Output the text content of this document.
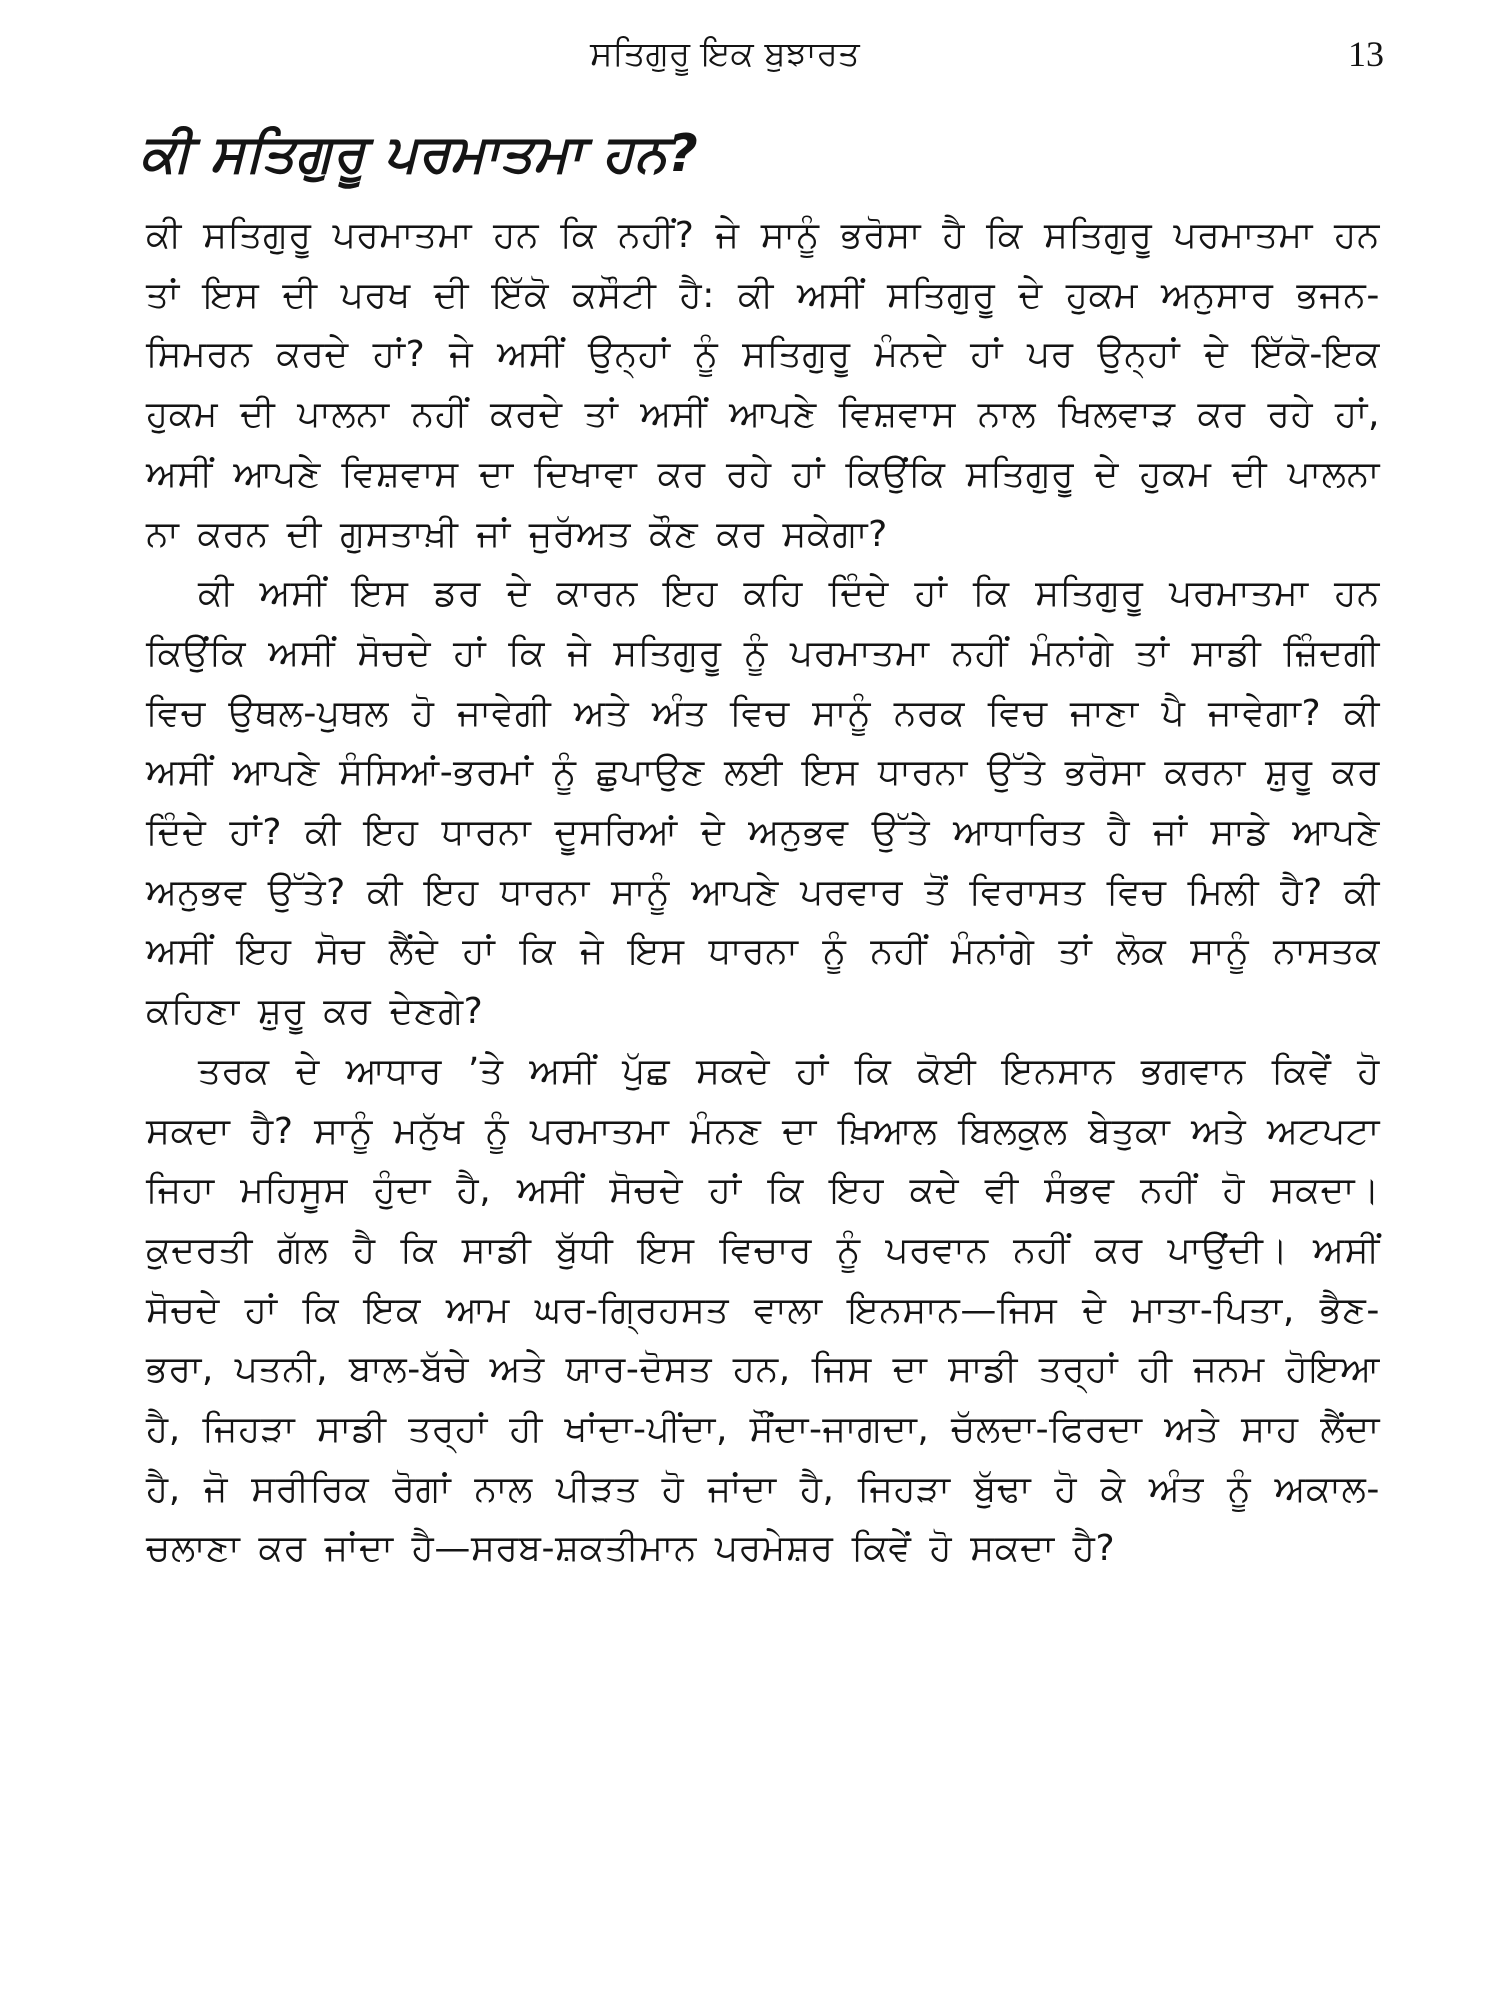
ਸਤਿਗੁਰੂ ਇਕ ਬੁਝਾਰਤ	13
ਕੀ ਸਤਿਗੁਰੂ ਪਰਮਾਤਮਾ ਹਨ?

ਕੀ ਸਤਿਗੁਰੂ ਪਰਮਾਤਮਾ ਹਨ ਕਿ ਨਹੀਂ? ਜੇ ਸਾਨੂੰ ਭਰੋਸਾ ਹੈ ਕਿ ਸਤਿਗੁਰੂ ਪਰਮਾਤਮਾ ਹਨ ਤਾਂ ਇਸ ਦੀ ਪਰਖ ਦੀ ਇੱਕੋ ਕਸੌਟੀ ਹੈ: ਕੀ ਅਸੀਂ ਸਤਿਗੁਰੂ ਦੇ ਹੁਕਮ ਅਨੁਸਾਰ ਭਜਨ-ਸਿਮਰਨ ਕਰਦੇ ਹਾਂ? ਜੇ ਅਸੀਂ ਉਨ੍ਹਾਂ ਨੂੰ ਸਤਿਗੁਰੂ ਮੰਨਦੇ ਹਾਂ ਪਰ ਉਨ੍ਹਾਂ ਦੇ ਇੱਕੋ-ਇਕ ਹੁਕਮ ਦੀ ਪਾਲਨਾ ਨਹੀਂ ਕਰਦੇ ਤਾਂ ਅਸੀਂ ਆਪਣੇ ਵਿਸ਼ਵਾਸ ਨਾਲ ਖਿਲਵਾੜ ਕਰ ਰਹੇ ਹਾਂ, ਅਸੀਂ ਆਪਣੇ ਵਿਸ਼ਵਾਸ ਦਾ ਦਿਖਾਵਾ ਕਰ ਰਹੇ ਹਾਂ ਕਿਉਂਕਿ ਸਤਿਗੁਰੂ ਦੇ ਹੁਕਮ ਦੀ ਪਾਲਨਾ ਨਾ ਕਰਨ ਦੀ ਗੁਸਤਾਖ਼ੀ ਜਾਂ ਜੁਰੱਅਤ ਕੌਣ ਕਰ ਸਕੇਗਾ?

ਕੀ ਅਸੀਂ ਇਸ ਡਰ ਦੇ ਕਾਰਨ ਇਹ ਕਹਿ ਦਿੰਦੇ ਹਾਂ ਕਿ ਸਤਿਗੁਰੂ ਪਰਮਾਤਮਾ ਹਨ ਕਿਉਂਕਿ ਅਸੀਂ ਸੋਚਦੇ ਹਾਂ ਕਿ ਜੇ ਸਤਿਗੁਰੂ ਨੂੰ ਪਰਮਾਤਮਾ ਨਹੀਂ ਮੰਨਾਂਗੇ ਤਾਂ ਸਾਡੀ ਜ਼ਿੰਦਗੀ ਵਿਚ ਉਥਲ-ਪੁਥਲ ਹੋ ਜਾਵੇਗੀ ਅਤੇ ਅੰਤ ਵਿਚ ਸਾਨੂੰ ਨਰਕ ਵਿਚ ਜਾਣਾ ਪੈ ਜਾਵੇਗਾ? ਕੀ ਅਸੀਂ ਆਪਣੇ ਸੰਸਿਆਂ-ਭਰਮਾਂ ਨੂੰ ਛੁਪਾਉਣ ਲਈ ਇਸ ਧਾਰਨਾ ਉੱਤੇ ਭਰੋਸਾ ਕਰਨਾ ਸ਼ੁਰੂ ਕਰ ਦਿੰਦੇ ਹਾਂ? ਕੀ ਇਹ ਧਾਰਨਾ ਦੂਸਰਿਆਂ ਦੇ ਅਨੁਭਵ ਉੱਤੇ ਆਧਾਰਿਤ ਹੈ ਜਾਂ ਸਾਡੇ ਆਪਣੇ ਅਨੁਭਵ ਉੱਤੇ? ਕੀ ਇਹ ਧਾਰਨਾ ਸਾਨੂੰ ਆਪਣੇ ਪਰਵਾਰ ਤੋਂ ਵਿਰਾਸਤ ਵਿਚ ਮਿਲੀ ਹੈ? ਕੀ ਅਸੀਂ ਇਹ ਸੋਚ ਲੈਂਦੇ ਹਾਂ ਕਿ ਜੇ ਇਸ ਧਾਰਨਾ ਨੂੰ ਨਹੀਂ ਮੰਨਾਂਗੇ ਤਾਂ ਲੋਕ ਸਾਨੂੰ ਨਾਸਤਕ ਕਹਿਣਾ ਸ਼ੁਰੂ ਕਰ ਦੇਣਗੇ?

ਤਰਕ ਦੇ ਆਧਾਰ ’ਤੇ ਅਸੀਂ ਪੁੱਛ ਸਕਦੇ ਹਾਂ ਕਿ ਕੋਈ ਇਨਸਾਨ ਭਗਵਾਨ ਕਿਵੇਂ ਹੋ ਸਕਦਾ ਹੈ? ਸਾਨੂੰ ਮਨੁੱਖ ਨੂੰ ਪਰਮਾਤਮਾ ਮੰਨਣ ਦਾ ਖ਼ਿਆਲ ਬਿਲਕੁਲ ਬੇਤੁਕਾ ਅਤੇ ਅਟਪਟਾ ਜਿਹਾ ਮਹਿਸੂਸ ਹੁੰਦਾ ਹੈ, ਅਸੀਂ ਸੋਚਦੇ ਹਾਂ ਕਿ ਇਹ ਕਦੇ ਵੀ ਸੰਭਵ ਨਹੀਂ ਹੋ ਸਕਦਾ। ਕੁਦਰਤੀ ਗੱਲ ਹੈ ਕਿ ਸਾਡੀ ਬੁੱਧੀ ਇਸ ਵਿਚਾਰ ਨੂੰ ਪਰਵਾਨ ਨਹੀਂ ਕਰ ਪਾਉਂਦੀ। ਅਸੀਂ ਸੋਚਦੇ ਹਾਂ ਕਿ ਇਕ ਆਮ ਘਰ-ਗ੍ਰਿਹਸਤ ਵਾਲਾ ਇਨਸਾਨ—ਜਿਸ ਦੇ ਮਾਤਾ-ਪਿਤਾ, ਭੈਣ-ਭਰਾ, ਪਤਨੀ, ਬਾਲ-ਬੱਚੇ ਅਤੇ ਯਾਰ-ਦੋਸਤ ਹਨ, ਜਿਸ ਦਾ ਸਾਡੀ ਤਰ੍ਹਾਂ ਹੀ ਜਨਮ ਹੋਇਆ ਹੈ, ਜਿਹੜਾ ਸਾਡੀ ਤਰ੍ਹਾਂ ਹੀ ਖਾਂਦਾ-ਪੀਂਦਾ, ਸੌਂਦਾ-ਜਾਗਦਾ, ਚੱਲਦਾ-ਫਿਰਦਾ ਅਤੇ ਸਾਹ ਲੈਂਦਾ ਹੈ, ਜੋ ਸਰੀਰਿਕ ਰੋਗਾਂ ਨਾਲ ਪੀੜਤ ਹੋ ਜਾਂਦਾ ਹੈ, ਜਿਹੜਾ ਬੁੱਢਾ ਹੋ ਕੇ ਅੰਤ ਨੂੰ ਅਕਾਲ-ਚਲਾਣਾ ਕਰ ਜਾਂਦਾ ਹੈ—ਸਰਬ-ਸ਼ਕਤੀਮਾਨ ਪਰਮੇਸ਼ਰ ਕਿਵੇਂ ਹੋ ਸਕਦਾ ਹੈ?
